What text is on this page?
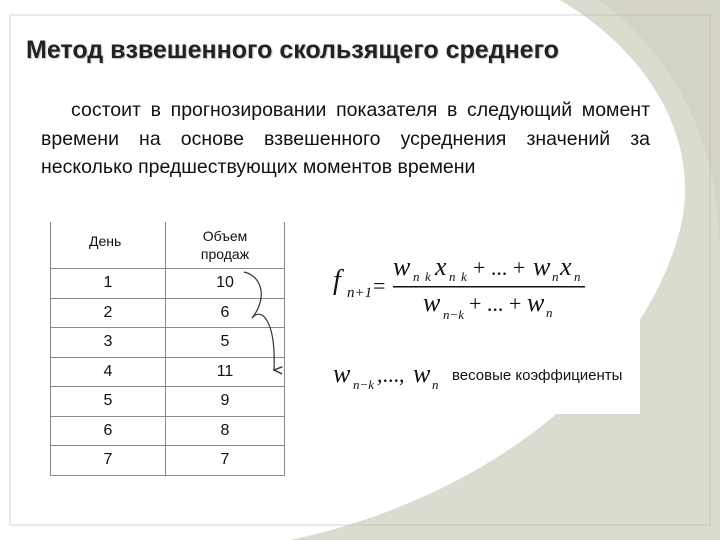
Метод взвешенного скользящего среднего
состоит в прогнозировании показателя в следующий момент времени на основе взвешенного усреднения значений за несколько предшествующих моментов времени
День	Объем продаж
1	10
2	6
3	5
4	11
5	9
6	8
7	7
f n+1 =
w n k x n k + ... + w n x n
w n−k + ... + w n
w n−k ,..., w n
весовые коэффициенты
